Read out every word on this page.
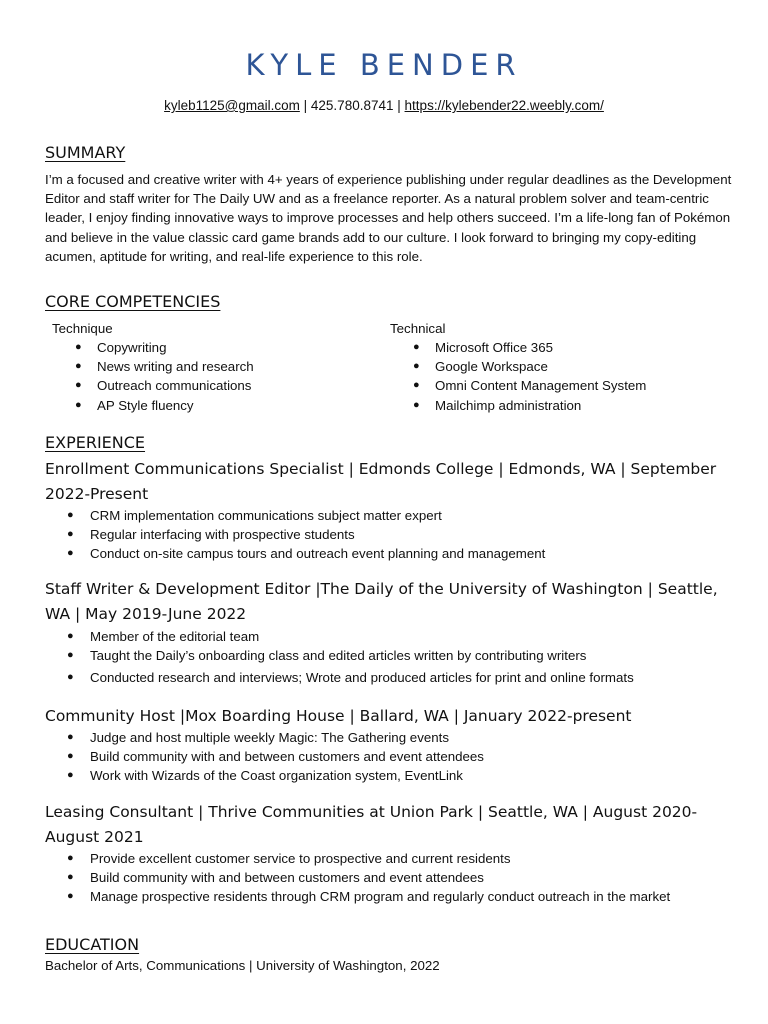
KYLE BENDER
kyleb1125@gmail.com | 425.780.8741 | https://kylebender22.weebly.com/
SUMMARY
I’m a focused and creative writer with 4+ years of experience publishing under regular deadlines as the Development Editor and staff writer for The Daily UW and as a freelance reporter. As a natural problem solver and team-centric leader, I enjoy finding innovative ways to improve processes and help others succeed. I’m a life-long fan of Pokémon and believe in the value classic card game brands add to our culture. I look forward to bringing my copy-editing acumen, aptitude for writing, and real-life experience to this role.
CORE COMPETENCIES
Technique
● Copywriting
● News writing and research
● Outreach communications
● AP Style fluency
Technical
● Microsoft Office 365
● Google Workspace
● Omni Content Management System
● Mailchimp administration
EXPERIENCE
Enrollment Communications Specialist | Edmonds College | Edmonds, WA | September 2022-Present
● CRM implementation communications subject matter expert
● Regular interfacing with prospective students
● Conduct on-site campus tours and outreach event planning and management
Staff Writer & Development Editor |The Daily of the University of Washington | Seattle, WA | May 2019-June 2022
● Member of the editorial team
● Taught the Daily’s onboarding class and edited articles written by contributing writers
● Conducted research and interviews; Wrote and produced articles for print and online formats
Community Host |Mox Boarding House | Ballard, WA | January 2022-present
● Judge and host multiple weekly Magic: The Gathering events
● Build community with and between customers and event attendees
● Work with Wizards of the Coast organization system, EventLink
Leasing Consultant | Thrive Communities at Union Park | Seattle, WA | August 2020-August 2021
● Provide excellent customer service to prospective and current residents
● Build community with and between customers and event attendees
● Manage prospective residents through CRM program and regularly conduct outreach in the market
EDUCATION
Bachelor of Arts, Communications | University of Washington, 2022
